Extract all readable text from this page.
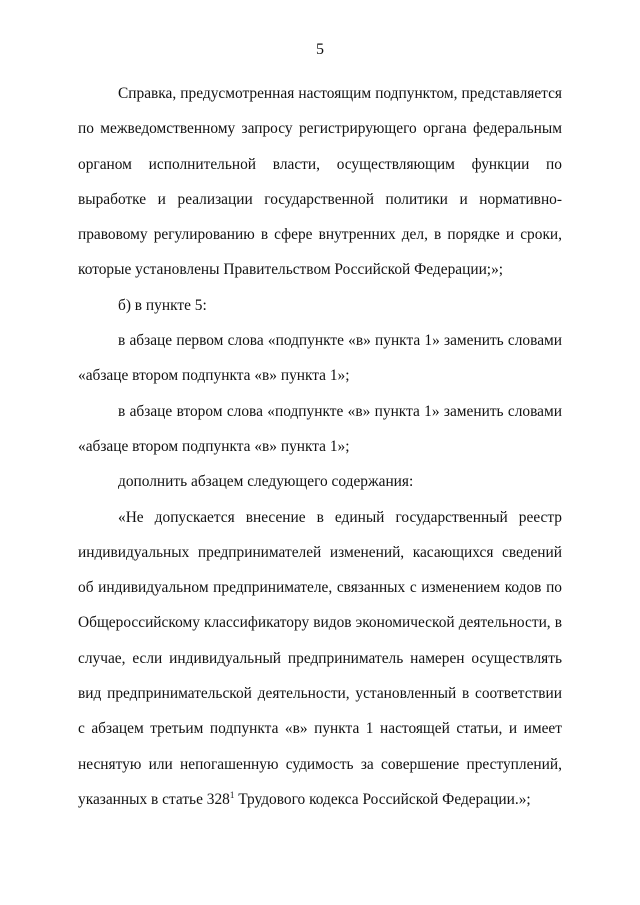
5

Справка, предусмотренная настоящим подпунктом, представляется по межведомственному запросу регистрирующего органа федеральным органом исполнительной власти, осуществляющим функции по выработке и реализации государственной политики и нормативно-правовому регулированию в сфере внутренних дел, в порядке и сроки, которые установлены Правительством Российской Федерации;»;

б) в пункте 5:

в абзаце первом слова «подпункте «в» пункта 1» заменить словами «абзаце втором подпункта «в» пункта 1»;

в абзаце втором слова «подпункте «в» пункта 1» заменить словами «абзаце втором подпункта «в» пункта 1»;

дополнить абзацем следующего содержания:

«Не допускается внесение в единый государственный реестр индивидуальных предпринимателей изменений, касающихся сведений об индивидуальном предпринимателе, связанных с изменением кодов по Общероссийскому классификатору видов экономической деятельности, в случае, если индивидуальный предприниматель намерен осуществлять вид предпринимательской деятельности, установленный в соответствии с абзацем третьим подпункта «в» пункта 1 настоящей статьи, и имеет неснятую или непогашенную судимость за совершение преступлений, указанных в статье $328^1$ Трудового кодекса Российской Федерации.»;
